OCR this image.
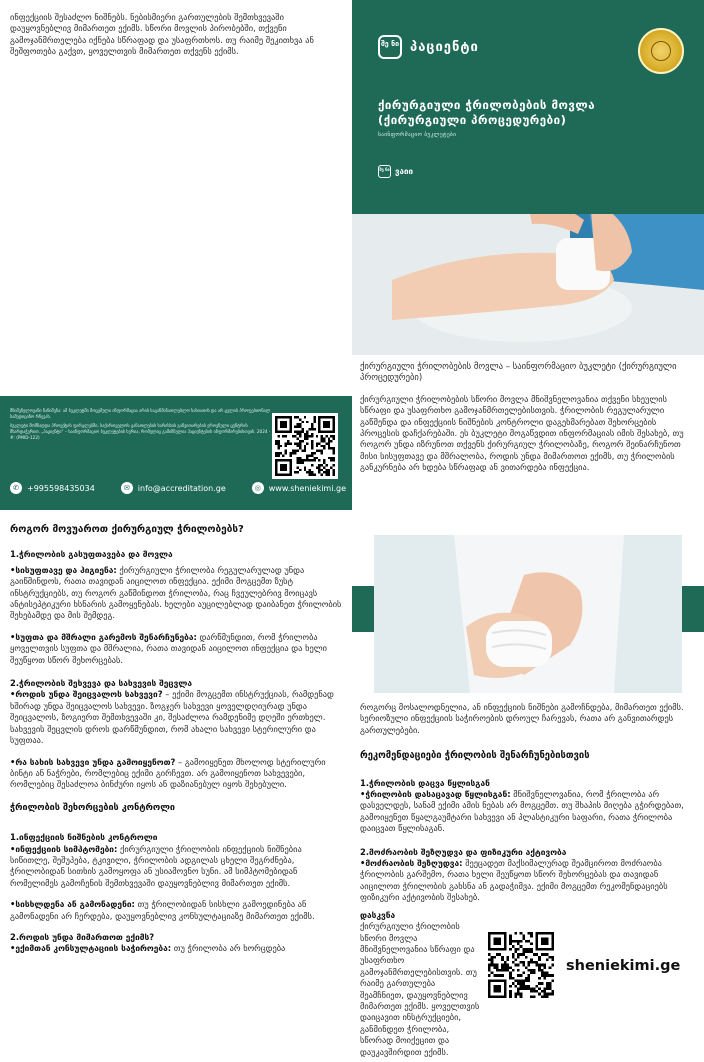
ინფექციის შესაძლო ნიშნებს. ნებისმიერი გართულების შემთხვევაში დაუყოვნებლივ მიმართეთ ექიმს. სწორი მოვლის პირობებში, თქვენი გამოჯანმრთელება იქნება სწრაფად და უსაფრთხოს. თუ რაიმე შეკითხვა ან შეშფოთება გაქვთ, ყოველთვის მიმართეთ თქვენს ექიმს.
შე ნი პაციენტი
ქირურგიული ჭრილობების მოვლა (ქირურგიული პროცედურები)
საინფორმაციო ბუკლეტები
შე ნი ვაიი
ქირურგიული ჭრილობების მოვლა – საინფორმაციო ბუკლეტი (ქირურგიული პროცედურები)
ქირურგიული ჭრილობების სწორი მოვლა მნიშვნელოვანია თქვენი სხეულის სწრაფი და უსაფრთხო გამოჯანმრთელებისთვის. ჭრილობის რეგულარული გაწმენდა და ინფექციის ნიშნების კონტროლი დაგეხმარებათ შეხორცების პროცესის დაჩქარებაში. ეს ბუკლეტი მოგაწვდით ინფორმაციას იმის შესახებ, თუ როგორ უნდა იზრუნოთ თქვენს ქირურგიულ ჭრილობაზე, როგორ შეინარჩუნოთ მისი სისუფთავე და მშრალობა, როდის უნდა მიმართოთ ექიმს, თუ ჭრილობის განკურნება არ ხდება სწრაფად ან ვითარდება ინფექცია.

მნიშვნელოვანი ჩანიშვნა: ამ ბუკლეტში მოცემული ინფორმაცია არის საგანმანათლებლო ხასიათის და არ ცვლის პროფესიონალ სამედიცინო რჩევას.

ბუკლეტი მომზადდა პროექტის ფარგლებში, საქართველოს განათლების ხარისხის განვითარების ეროვნული ცენტრის მხარდაჭერით. „პაციენტი“ – საინფორმაციო ბუკლეტების სერია, რომელიც გამიზნულია პაციენტების ინფორმირებისთვის. 2024 · #: (PMID-122)

✆	+995598435034	✉	info@accreditation.ge	◎ www.sheniekimi.ge
როგორ მოვუაროთ ქირურგიულ ჭრილობებს?

1.ჭრილობის გასუფთავება და მოვლა

•სისუფთავე და ჰიგიენა: ქირურგიული ჭრილობა რეგულარულად უნდა გაიწმინდოს, რათა თავიდან აიცილოთ ინფექცია. ექიმი მოგცემთ ზუსტ ინსტრუქციებს, თუ როგორ გაწმინდოთ ჭრილობა, რაც ჩვეულებრივ მოიცავს ანტისეპტიკური ხსნარის გამოყენებას. ხელები აუცილებლად დაიბანეთ ჭრილობის შეხებამდე და მის შემდეგ.

•სუფთა და მშრალი გარემოს შენარჩუნება: დარწმუნდით, რომ ჭრილობა ყოველთვის სუფთა და მშრალია, რათა თავიდან აიცილოთ ინფექცია და ხელი შეუწყოთ სწორ შეხორცებას.

2.ჭრილობის შეხვევა და სახვევის შეცვლა

•როდის უნდა შეიცვალოს სახვევი? – ექიმი მოგცემთ ინსტრუქციას, რამდენად ხშირად უნდა შეიცვალოს სახვევი. ზოგჯერ სახვევი ყოველდღიურად უნდა შეიცვალოს, ზოგიერთ შემთხვევაში კი, შესაძლოა რამდენიმე დღეში ერთხელ. სახვევის შეცვლის დროს დარწმუნდით, რომ ახალი სახვევი სტერილური და სუფთაა.

•რა სახის სახვევი უნდა გამოიყენოთ? – გამოიყენეთ მხოლოდ სტერილური ბინტი ან ნაჭრები, რომლებიც ექიმი გირჩევთ. არ გამოიყენოთ სახვევები, რომლებიც შესაძლოა ბინძური იყოს ან დაზიანებულ იყოს შეხებული.

ჭრილობის შეხორცების კონტროლი

1.ინფექციის ნიშნების კონტროლი

•ინფექციის სიმპტომები: ქირურგიული ჭრილობის ინფექციის ნიშნებია სიწითლე, შეშუპება, ტკივილი, ჭრილობის ადგილას ცხელი შეგრძნება, ჭრილობიდან სითხის გამოყოფა ან უსიამოვნო სუნი. ამ სიმპტომებიდან რომელიმეს გამოჩენის შემთხვევაში დაუყოვნებლივ მიმართეთ ექიმს.

•სისხლდენა ან გამონადენი: თუ ჭრილობიდან სისხლი გამოედინება ან გამონადენი არ ჩერდება, დაუყოვნებლივ კონსულტაციაზე მიმართეთ ექიმს.

2.როდის უნდა მიმართოთ ექიმს?

•ექიმთან კონსულტაციის საჭიროება: თუ ჭრილობა არ ხორცდება

როგორც მოსალოდნელია, ან ინფექციის ნიშნები გამოჩნდება, მიმართეთ ექიმს. სერიოზული ინფექციის საჭიროების დროულ ჩარევას, რათა არ განვითარდეს გართულებები.

რეკომენდაციები ჭრილობის შენარჩუნებისთვის

1.ჭრილობის დაცვა წყლისგან

•ჭრილობის დასაცავად წყლისგან: მნიშვნელოვანია, რომ ჭრილობა არ დასველდეს, სანამ ექიმი ამის ნებას არ მოგცემთ. თუ შხაპის მიღება გჭირდებათ, გამოიყენეთ წყალგაუმტარი სახვევი ან პლასტიკური საფარი, რათა ჭრილობა დაიცვათ წყლისაგან.

2.მოძრაობის შეზღუდვა და ფიზიკური აქტივობა

•მოძრაობის შეზღუდვა: შეეცადეთ მაქსიმალურად შეამციროთ მოძრაობა ჭრილობის გარშემო, რათა ხელი შეუწყოთ სწორ შეხორცებას და თავიდან აიცილოთ ჭრილობის გახსნა ან გადაჭიმვა. ექიმი მოგცემთ რეკომენდაციებს ფიზიკური აქტივობის შესახებ.

დასკვნა

ქირურგიული ჭრილობის სწორი მოვლა მნიშვნელოვანია სწრაფი და უსაფრთხო გამოჯანმრთელებისთვის. თუ რაიმე გართულება შეამჩნიეთ, დაუყოვნებლივ მიმართეთ ექიმს. ყოველთვის დაიცავით ინსტრუქციები, განმინდეთ ჭრილობა, სწორად მოიქეცით და დაუკავშირდით ექიმს.

sheniekimi.ge
